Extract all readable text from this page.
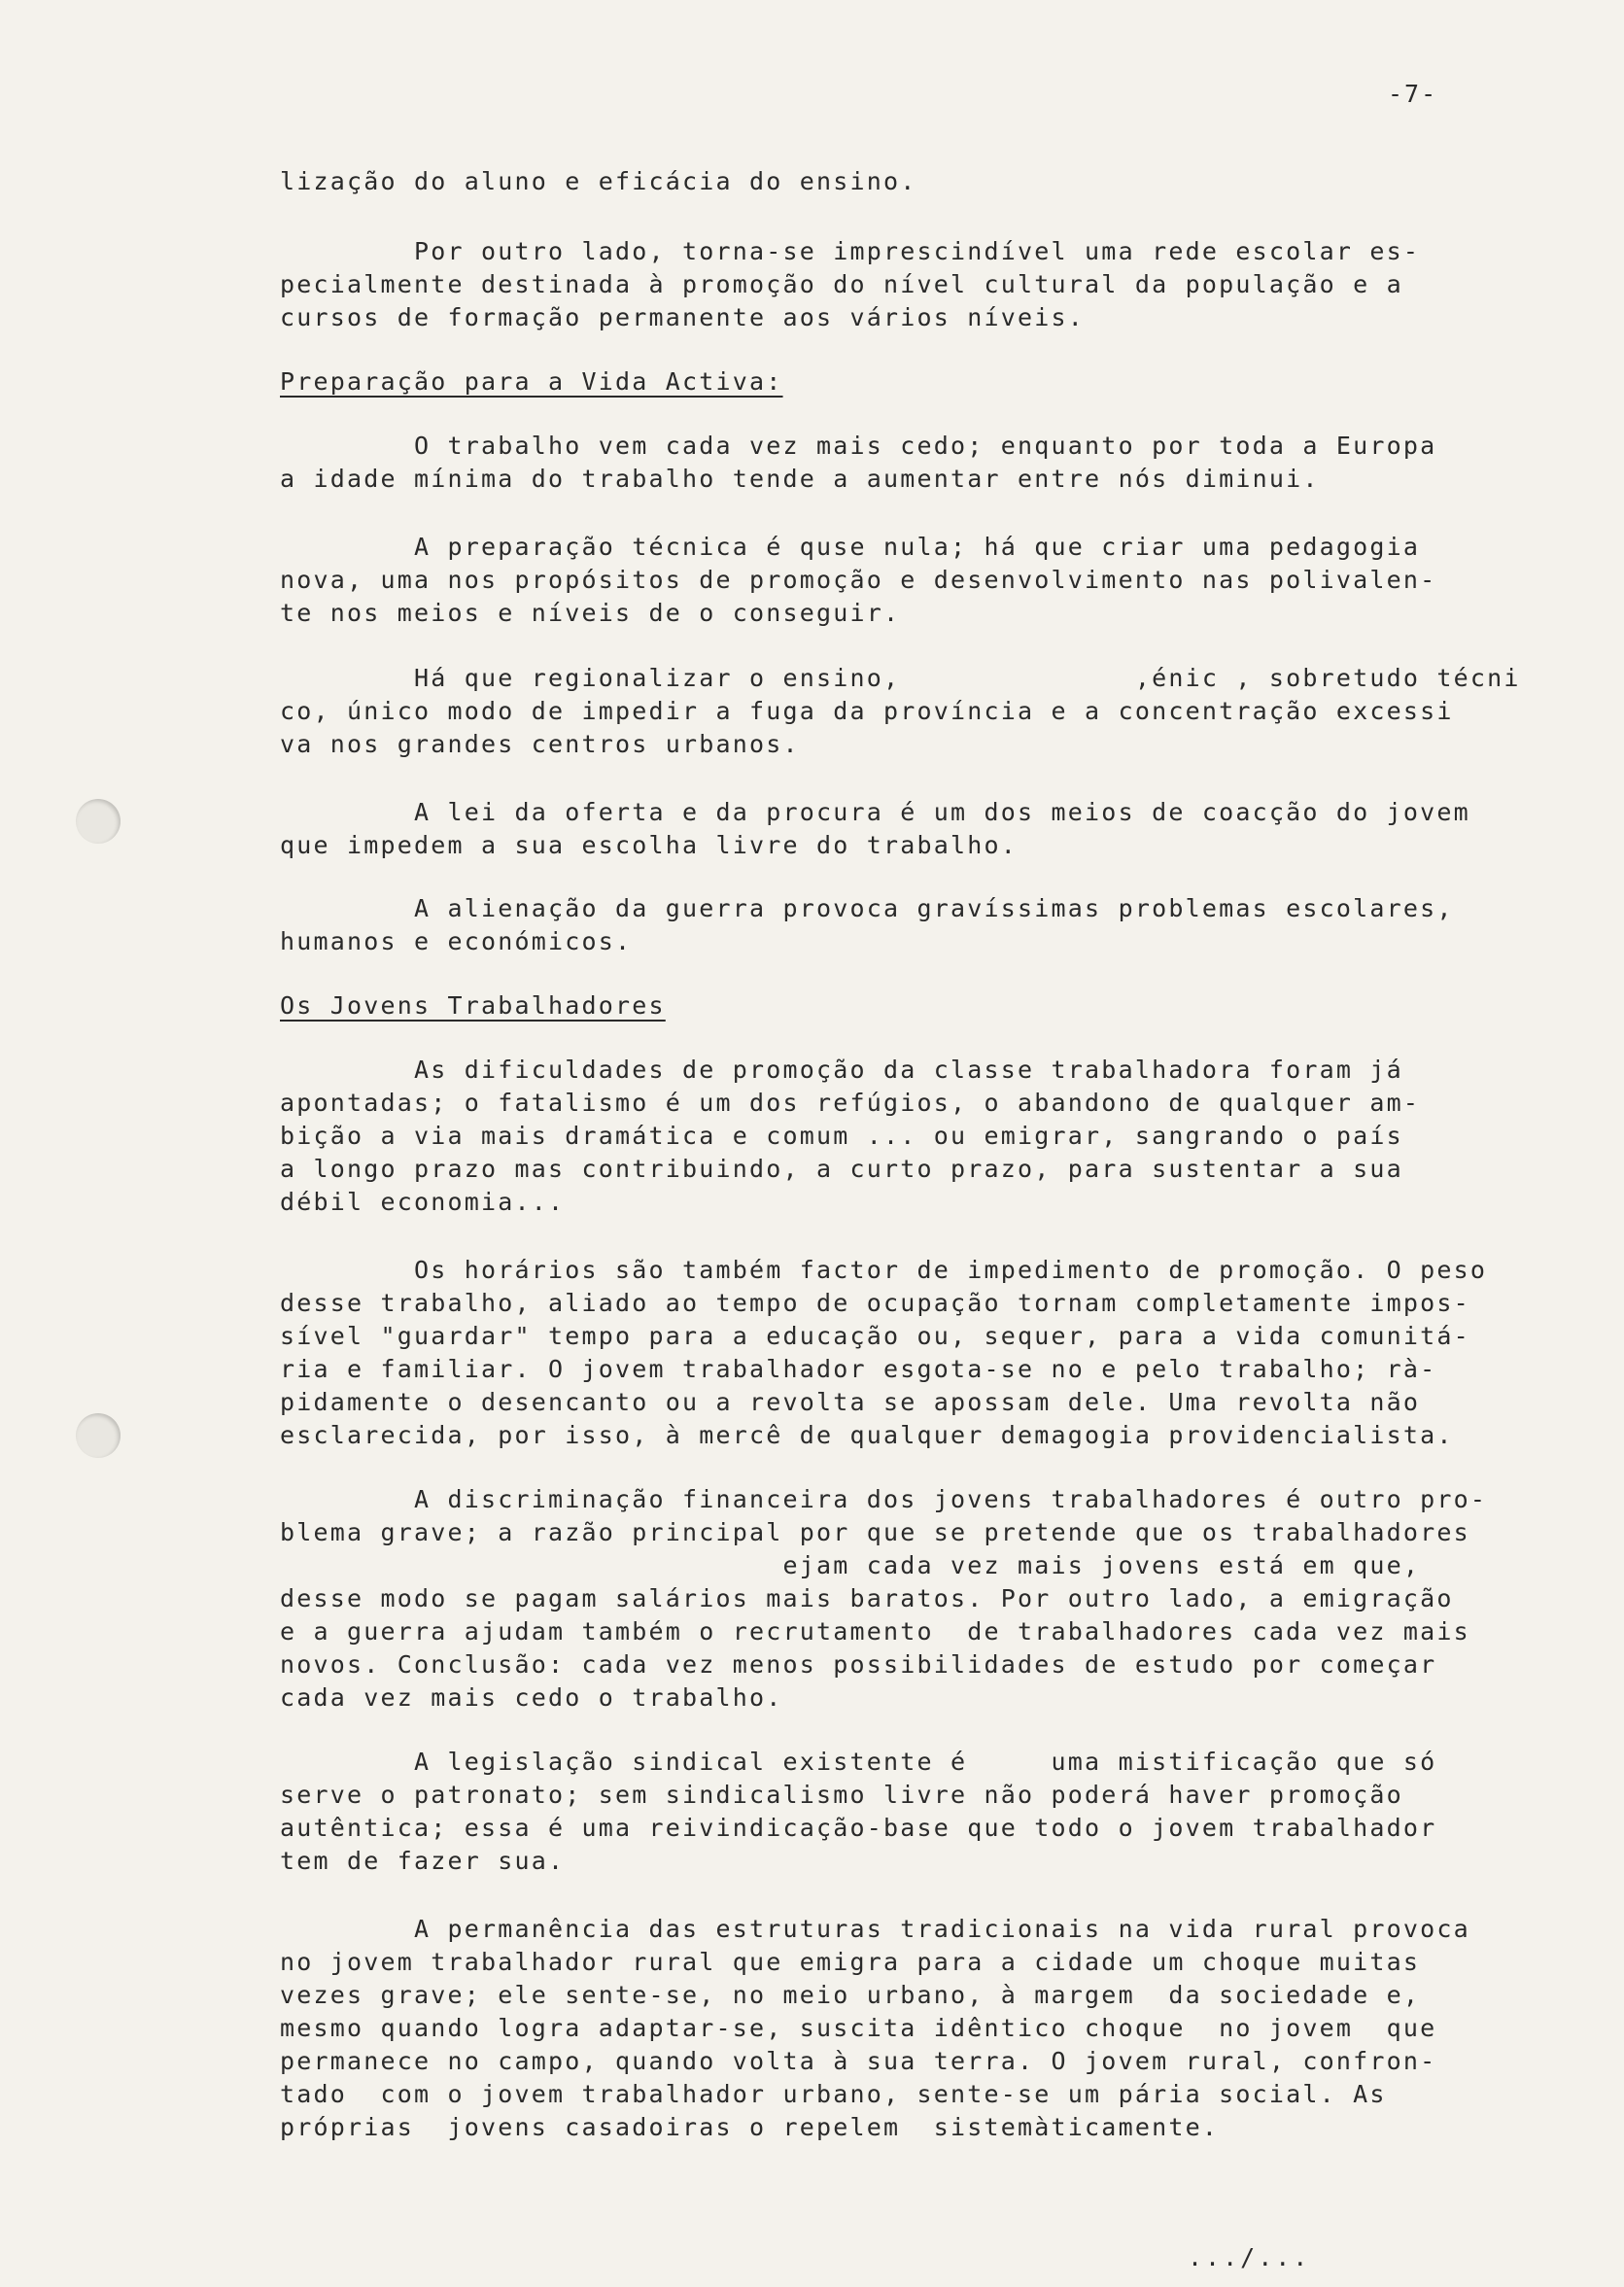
-7-
lização do aluno e eficácia do ensino.
Por outro lado, torna-se imprescindível uma rede escolar es-
pecialmente destinada à promoção do nível cultural da população e a
cursos de formação permanente aos vários níveis.
Preparação para a Vida Activa:
O trabalho vem cada vez mais cedo; enquanto por toda a Europa
a idade mínima do trabalho tende a aumentar entre nós diminui.
A preparação técnica é quse nula; há que criar uma pedagogia
nova, uma nos propósitos de promoção e desenvolvimento nas polivalen-
te nos meios e níveis de o conseguir.
Há que regionalizar o ensino,              ,énic , sobretudo técni
co, único modo de impedir a fuga da província e a concentração excessi
va nos grandes centros urbanos.
A lei da oferta e da procura é um dos meios de coacção do jovem
que impedem a sua escolha livre do trabalho.
A alienação da guerra provoca gravíssimas problemas escolares,
humanos e económicos.
Os Jovens Trabalhadores
As dificuldades de promoção da classe trabalhadora foram já
apontadas; o fatalismo é um dos refúgios, o abandono de qualquer am-
bição a via mais dramática e comum ... ou emigrar, sangrando o país
a longo prazo mas contribuindo, a curto prazo, para sustentar a sua
débil economia...
Os horários são também factor de impedimento de promoção. O peso
desse trabalho, aliado ao tempo de ocupação tornam completamente impos-
sível "guardar" tempo para a educação ou, sequer, para a vida comunitá-
ria e familiar. O jovem trabalhador esgota-se no e pelo trabalho; rà-
pidamente o desencanto ou a revolta se apossam dele. Uma revolta não
esclarecida, por isso, à mercê de qualquer demagogia providencialista.
A discriminação financeira dos jovens trabalhadores é outro pro-
blema grave; a razão principal por que se pretende que os trabalhadores
ejam cada vez mais jovens está em que,
desse modo se pagam salários mais baratos. Por outro lado, a emigração
e a guerra ajudam também o recrutamento  de trabalhadores cada vez mais
novos. Conclusão: cada vez menos possibilidades de estudo por começar
cada vez mais cedo o trabalho.
A legislação sindical existente é     uma mistificação que só
serve o patronato; sem sindicalismo livre não poderá haver promoção
autêntica; essa é uma reivindicação-base que todo o jovem trabalhador
tem de fazer sua.
A permanência das estruturas tradicionais na vida rural provoca
no jovem trabalhador rural que emigra para a cidade um choque muitas
vezes grave; ele sente-se, no meio urbano, à margem  da sociedade e,
mesmo quando logra adaptar-se, suscita idêntico choque  no jovem  que
permanece no campo, quando volta à sua terra. O jovem rural, confron-
tado  com o jovem trabalhador urbano, sente-se um pária social. As
próprias  jovens casadoiras o repelem  sistemàticamente.
.../...
